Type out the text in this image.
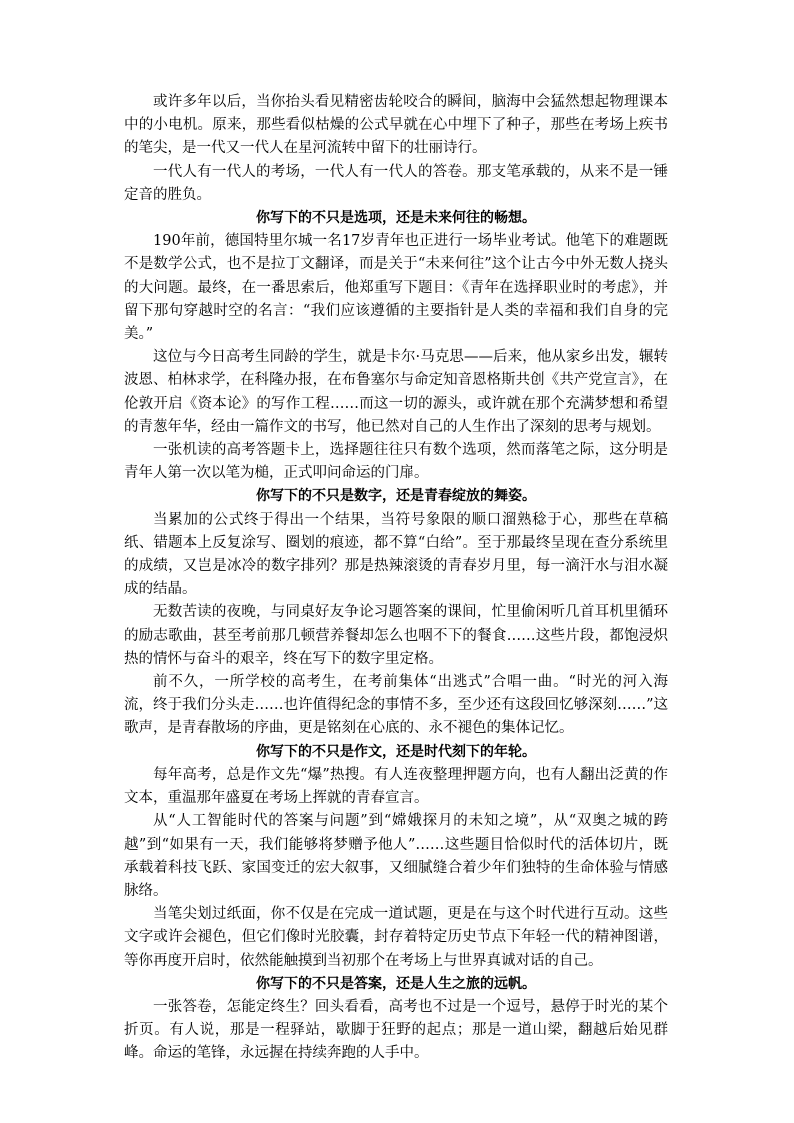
或许多年以后，当你抬头看见精密齿轮咬合的瞬间，脑海中会猛然想起物理课本中的小电机。原来，那些看似枯燥的公式早就在心中埋下了种子，那些在考场上疾书的笔尖，是一代又一代人在星河流转中留下的壮丽诗行。

一代人有一代人的考场，一代人有一代人的答卷。那支笔承载的，从来不是一锤定音的胜负。

你写下的不只是选项，还是未来何往的畅想。

190年前，德国特里尔城一名17岁青年也正进行一场毕业考试。他笔下的难题既不是数学公式，也不是拉丁文翻译，而是关于“未来何往”这个让古今中外无数人挠头的大问题。最终，在一番思索后，他郑重写下题目：《青年在选择职业时的考虑》，并留下那句穿越时空的名言：“我们应该遵循的主要指针是人类的幸福和我们自身的完美。”

这位与今日高考生同龄的学生，就是卡尔·马克思——后来，他从家乡出发，辗转波恩、柏林求学，在科隆办报，在布鲁塞尔与命定知音恩格斯共创《共产党宣言》，在伦敦开启《资本论》的写作工程……而这一切的源头，或许就在那个充满梦想和希望的青葱年华，经由一篇作文的书写，他已然对自己的人生作出了深刻的思考与规划。

一张机读的高考答题卡上，选择题往往只有数个选项，然而落笔之际，这分明是青年人第一次以笔为槌，正式叩问命运的门扉。

你写下的不只是数字，还是青春绽放的舞姿。

当累加的公式终于得出一个结果，当符号象限的顺口溜熟稔于心，那些在草稿纸、错题本上反复涂写、圈划的痕迹，都不算“白给”。至于那最终呈现在查分系统里的成绩，又岂是冰冷的数字排列？那是热辣滚烫的青春岁月里，每一滴汗水与泪水凝成的结晶。

无数苦读的夜晚，与同桌好友争论习题答案的课间，忙里偷闲听几首耳机里循环的励志歌曲，甚至考前那几顿营养餐却怎么也咽不下的餐食……这些片段，都饱浸炽热的情怀与奋斗的艰辛，终在写下的数字里定格。

前不久，一所学校的高考生，在考前集体“出逃式”合唱一曲。“时光的河入海流，终于我们分头走……也许值得纪念的事情不多，至少还有这段回忆够深刻……”这歌声，是青春散场的序曲，更是铭刻在心底的、永不褪色的集体记忆。

你写下的不只是作文，还是时代刻下的年轮。

每年高考，总是作文先“爆”热搜。有人连夜整理押题方向，也有人翻出泛黄的作文本，重温那年盛夏在考场上挥就的青春宣言。

从“人工智能时代的答案与问题”到“嫦娥探月的未知之境”，从“双奥之城的跨越”到“如果有一天，我们能够将梦赠予他人”……这些题目恰似时代的活体切片，既承载着科技飞跃、家国变迁的宏大叙事，又细腻缝合着少年们独特的生命体验与情感脉络。

当笔尖划过纸面，你不仅是在完成一道试题，更是在与这个时代进行互动。这些文字或许会褪色，但它们像时光胶囊，封存着特定历史节点下年轻一代的精神图谱，等你再度开启时，依然能触摸到当初那个在考场上与世界真诚对话的自己。

你写下的不只是答案，还是人生之旅的远帆。

一张答卷，怎能定终生？回头看看，高考也不过是一个逗号，悬停于时光的某个折页。有人说，那是一程驿站，歇脚于狂野的起点；那是一道山梁，翻越后始见群峰。命运的笔锋，永远握在持续奔跑的人手中。
